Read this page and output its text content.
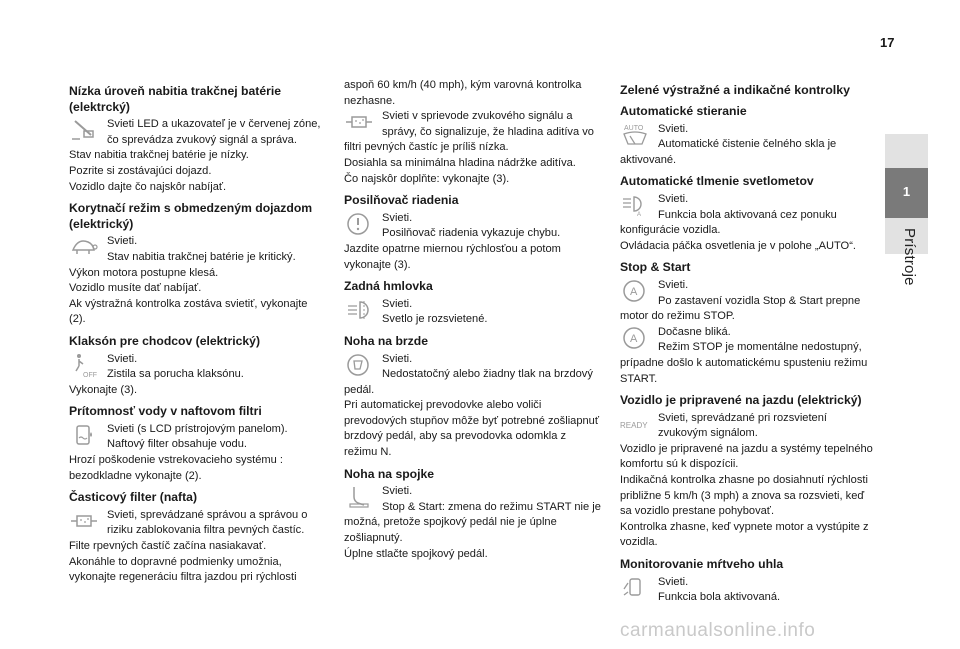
17
1
Prístroje
Nízka úroveň nabitia trakčnej batérie (elektrcký)

Svieti LED a ukazovateľ je v červenej zóne, čo sprevádza zvukový signál a správa.

Stav nabitia trakčnej batérie je nízky.

Pozrite si zostávajúci dojazd.

Vozidlo dajte čo najskôr nabíjať.

Korytnačí režim s obmedzeným dojazdom (elektrický)

Svieti.

Stav nabitia trakčnej batérie je kritický.

Výkon motora postupne klesá.

Vozidlo musíte dať nabíjať.

Ak výstražná kontrolka zostáva svietiť, vykonajte (2).

Klaksón pre chodcov (elektrický)
OFF

Svieti.

Zistila sa porucha klaksónu.

Vykonajte (3).

Prítomnosť vody v naftovom filtri

Svieti (s LCD prístrojovým panelom).

Naftový filter obsahuje vodu.

Hrozí poškodenie vstrekovacieho systému : bezodkladne vykonajte (2).

Časticový filter (nafta)

Svieti, sprevádzané správou a správou o riziku zablokovania filtra pevných častíc.

Filte rpevných častíč začína nasiakavať.

Akonáhle to dopravné podmienky umožnia, vykonajte regeneráciu filtra jazdou pri rýchlosti

aspoň 60 km/h (40 mph), kým varovná kontrolka nezhasne.

Svieti v sprievode zvukového signálu a správy, čo signalizuje, že hladina aditíva vo filtri pevných častíc je príliš nízka.

Dosiahla sa minimálna hladina nádržke aditíva.

Čo najskôr doplňte: vykonajte (3).

Posilňovač riadenia

Svieti.

Posilňovač riadenia vykazuje chybu.

Jazdite opatrne miernou rýchlosťou a potom vykonajte (3).

Zadná hmlovka

Svieti.

Svetlo je rozsvietené.

Noha na brzde

Svieti.

Nedostatočný alebo žiadny tlak na brzdový pedál.

Pri automatickej prevodovke alebo voliči prevodových stupňov môže byť potrebné zošliapnuť brzdový pedál, aby sa prevodovka odomkla z režimu N.

Noha na spojke

Svieti.

Stop & Start: zmena do režimu START nie je možná, pretože spojkový pedál nie je úplne zošliapnutý.

Úplne stlačte spojkový pedál.

Zelené výstražné a indikačné kontrolky
Automatické stieranie
AUTO	Svieti.

Automatické čistenie čelného skla je aktivované.

Automatické tlmenie svetlometov
A

Svieti.

Funkcia bola aktivovaná cez ponuku konfigurácie vozidla.

Ovládacia páčka osvetlenia je v polohe „AUTO“.

Stop & Start
A

Svieti.

Po zastavení vozidla Stop & Start prepne motor do režimu STOP.

A

Dočasne bliká.

Režim STOP je momentálne nedostupný, prípadne došlo k automatickému spusteniu režimu START.

Vozidlo je pripravené na jazdu (elektrický)
READY

Svieti, sprevádzané pri rozsvietení zvukovým signálom.

Vozidlo je pripravené na jazdu a systémy tepelného komfortu sú k dispozícii.

Indikačná kontrolka zhasne po dosiahnutí rýchlosti približne 5 km/h (3 mph) a znova sa rozsvieti, keď sa vozidlo prestane pohybovať.

Kontrolka zhasne, keď vypnete motor a vystúpite z vozidla.

Monitorovanie mŕtveho uhla

Svieti.

Funkcia bola aktivovaná.

carmanualsonline.info
